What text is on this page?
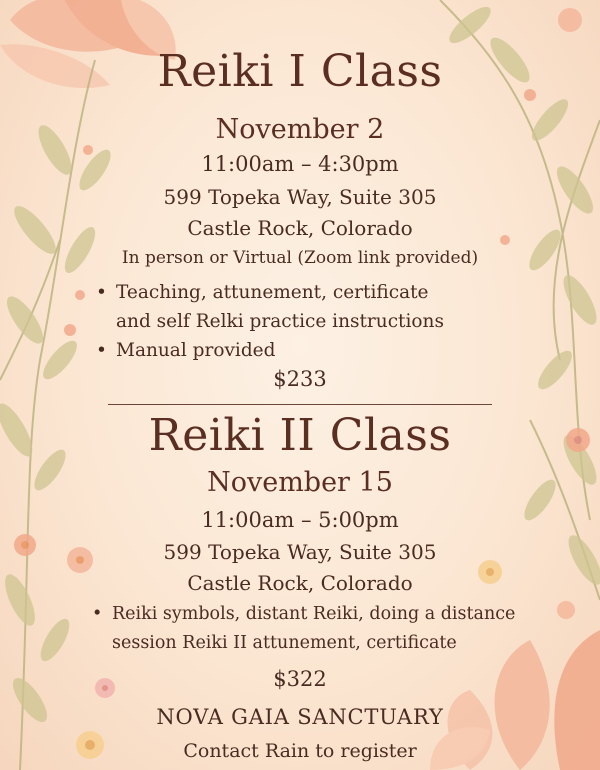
Reiki I Class
November 2
11:00am – 4:30pm
599 Topeka Way, Suite 305
Castle Rock, Colorado
In person or Virtual (Zoom link provided)
• Teaching, attunement, certificate
and self Relki practice instructions
• Manual provided
$233
Reiki II Class
November 15
11:00am – 5:00pm
599 Topeka Way, Suite 305
Castle Rock, Colorado
• Reiki symbols, distant Reiki, doing a distance
session Reiki II attunement, certificate
$322
NOVA GAIA SANCTUARY
Contact Rain to register
